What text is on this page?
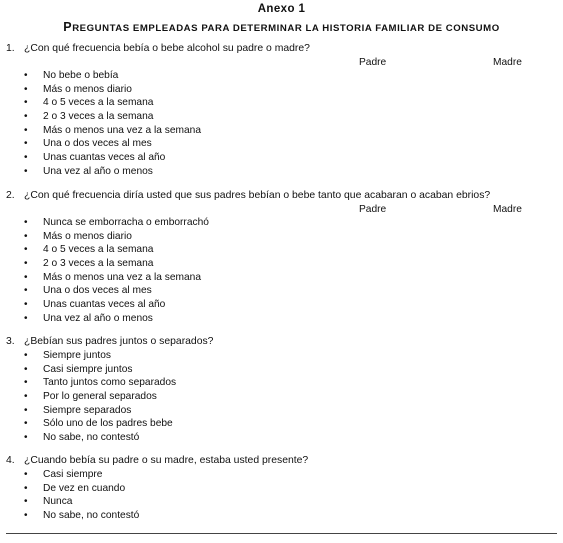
Anexo 1
PREGUNTAS EMPLEADAS PARA DETERMINAR LA HISTORIA FAMILIAR DE CONSUMO
1. ¿Con qué frecuencia bebía o bebe alcohol su padre o madre?
Padre	Madre
• No bebe o bebía
• Más o menos diario
• 4 o 5 veces a la semana
• 2 o 3 veces a la semana
• Más o menos una vez a la semana
• Una o dos veces al mes
• Unas cuantas veces al año
• Una vez al año o menos
2. ¿Con qué frecuencia diría usted que sus padres bebían o bebe tanto que acabaran o acaban ebrios?
Padre	Madre
• Nunca se emborracha o emborrachó
• Más o menos diario
• 4 o 5 veces a la semana
• 2 o 3 veces a la semana
• Más o menos una vez a la semana
• Una o dos veces al mes
• Unas cuantas veces al año
• Una vez al año o menos
3. ¿Bebían sus padres juntos o separados?
• Siempre juntos
• Casi siempre juntos
• Tanto juntos como separados
• Por lo general separados
• Siempre separados
• Sólo uno de los padres bebe
• No sabe, no contestó
4. ¿Cuando bebía su padre o su madre, estaba usted presente?
• Casi siempre
• De vez en cuando
• Nunca
• No sabe, no contestó
